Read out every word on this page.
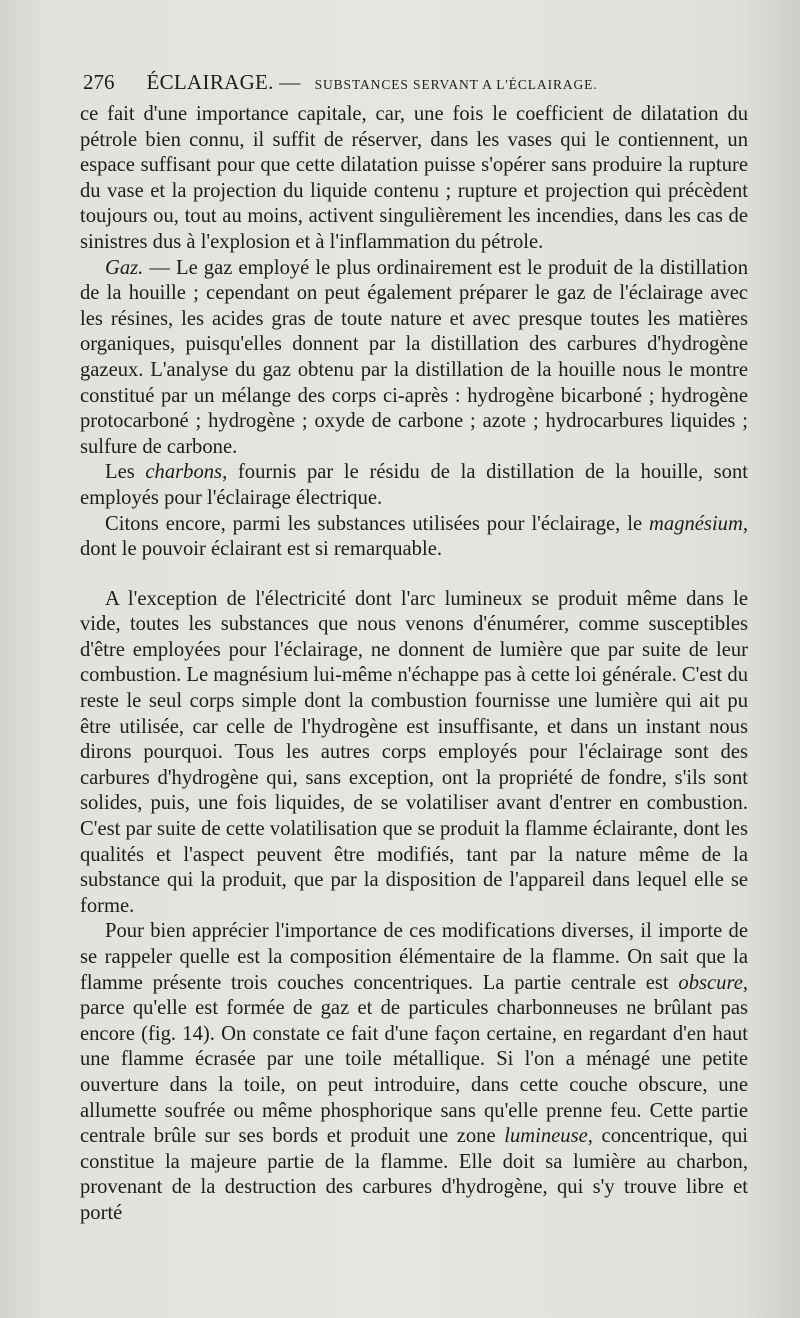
276 ÉCLAIRAGE. — SUBSTANCES SERVANT A L'ÉCLAIRAGE.

ce fait d'une importance capitale, car, une fois le coefficient de dilatation du pétrole bien connu, il suffit de réserver, dans les vases qui le contiennent, un espace suffisant pour que cette dilatation puisse s'opérer sans produire la rupture du vase et la projection du liquide contenu ; rupture et projection qui précèdent toujours ou, tout au moins, activent singulièrement les incendies, dans les cas de sinistres dus à l'explosion et à l'inflammation du pétrole.

Gaz. — Le gaz employé le plus ordinairement est le produit de la distillation de la houille ; cependant on peut également préparer le gaz de l'éclairage avec les résines, les acides gras de toute nature et avec presque toutes les matières organiques, puisqu'elles donnent par la distillation des carbures d'hydrogène gazeux. L'analyse du gaz obtenu par la distillation de la houille nous le montre constitué par un mélange des corps ci-après : hydrogène bicarboné ; hydrogène protocarboné ; hydrogène ; oxyde de carbone ; azote ; hydrocarbures liquides ; sulfure de carbone.

Les charbons, fournis par le résidu de la distillation de la houille, sont employés pour l'éclairage électrique.

Citons encore, parmi les substances utilisées pour l'éclairage, le magnésium, dont le pouvoir éclairant est si remarquable.

A l'exception de l'électricité dont l'arc lumineux se produit même dans le vide, toutes les substances que nous venons d'énumérer, comme susceptibles d'être employées pour l'éclairage, ne donnent de lumière que par suite de leur combustion. Le magnésium lui-même n'échappe pas à cette loi générale. C'est du reste le seul corps simple dont la combustion fournisse une lumière qui ait pu être utilisée, car celle de l'hydrogène est insuffisante, et dans un instant nous dirons pourquoi. Tous les autres corps employés pour l'éclairage sont des carbures d'hydrogène qui, sans exception, ont la propriété de fondre, s'ils sont solides, puis, une fois liquides, de se volatiliser avant d'entrer en combustion. C'est par suite de cette volatilisation que se produit la flamme éclairante, dont les qualités et l'aspect peuvent être modifiés, tant par la nature même de la substance qui la produit, que par la disposition de l'appareil dans lequel elle se forme.

Pour bien apprécier l'importance de ces modifications diverses, il importe de se rappeler quelle est la composition élémentaire de la flamme. On sait que la flamme présente trois couches concentriques. La partie centrale est obscure, parce qu'elle est formée de gaz et de particules charbonneuses ne brûlant pas encore (fig. 14). On constate ce fait d'une façon certaine, en regardant d'en haut une flamme écrasée par une toile métallique. Si l'on a ménagé une petite ouverture dans la toile, on peut introduire, dans cette couche obscure, une allumette soufrée ou même phosphorique sans qu'elle prenne feu. Cette partie centrale brûle sur ses bords et produit une zone lumineuse, concentrique, qui constitue la majeure partie de la flamme. Elle doit sa lumière au charbon, provenant de la destruction des carbures d'hydrogène, qui s'y trouve libre et porté
